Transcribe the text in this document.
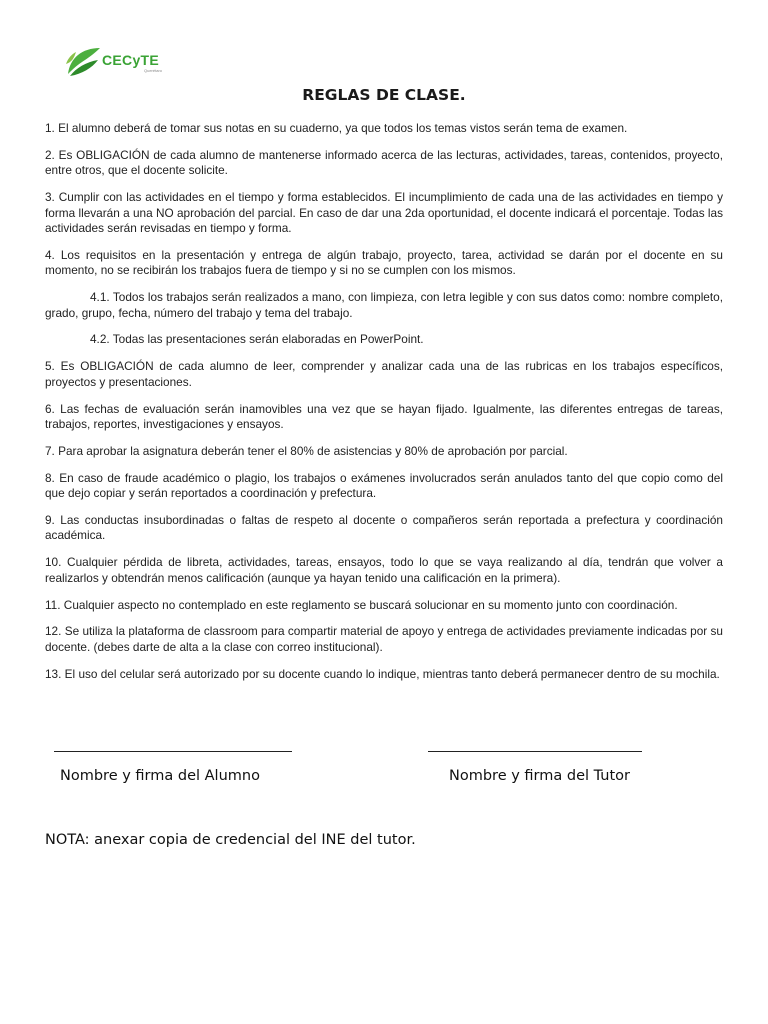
CECyTE
Querétaro
REGLAS DE CLASE.

1. El alumno deberá de tomar sus notas en su cuaderno, ya que todos los temas vistos serán tema de examen.

2. Es OBLIGACIÓN de cada alumno de mantenerse informado acerca de las lecturas, actividades, tareas, contenidos, proyecto, entre otros, que el docente solicite.

3. Cumplir con las actividades en el tiempo y forma establecidos. El incumplimiento de cada una de las actividades en tiempo y forma llevarán a una NO aprobación del parcial. En caso de dar una 2da oportunidad, el docente indicará el porcentaje. Todas las actividades serán revisadas en tiempo y forma.

4. Los requisitos en la presentación y entrega de algún trabajo, proyecto, tarea, actividad se darán por el docente en su momento, no se recibirán los trabajos fuera de tiempo y si no se cumplen con los mismos.

4.1. Todos los trabajos serán realizados a mano, con limpieza, con letra legible y con sus datos como: nombre completo, grado, grupo, fecha, número del trabajo y tema del trabajo.

4.2. Todas las presentaciones serán elaboradas en PowerPoint.

5. Es OBLIGACIÓN de cada alumno de leer, comprender y analizar cada una de las rubricas en los trabajos específicos, proyectos y presentaciones.

6. Las fechas de evaluación serán inamovibles una vez que se hayan fijado. Igualmente, las diferentes entregas de tareas, trabajos, reportes, investigaciones y ensayos.

7. Para aprobar la asignatura deberán tener el 80% de asistencias y 80% de aprobación por parcial.

8. En caso de fraude académico o plagio, los trabajos o exámenes involucrados serán anulados tanto del que copio como del que dejo copiar y serán reportados a coordinación y prefectura.

9. Las conductas insubordinadas o faltas de respeto al docente o compañeros serán reportada a prefectura y coordinación académica.

10. Cualquier pérdida de libreta, actividades, tareas, ensayos, todo lo que se vaya realizando al día, tendrán que volver a realizarlos y obtendrán menos calificación (aunque ya hayan tenido una calificación en la primera).

11. Cualquier aspecto no contemplado en este reglamento se buscará solucionar en su momento junto con coordinación.

12. Se utiliza la plataforma de classroom para compartir material de apoyo y entrega de actividades previamente indicadas por su docente. (debes darte de alta a la clase con correo institucional).

13. El uso del celular será autorizado por su docente cuando lo indique, mientras tanto deberá permanecer dentro de su mochila.

Nombre y firma del Alumno	Nombre y firma del Tutor
NOTA: anexar copia de credencial del INE del tutor.
